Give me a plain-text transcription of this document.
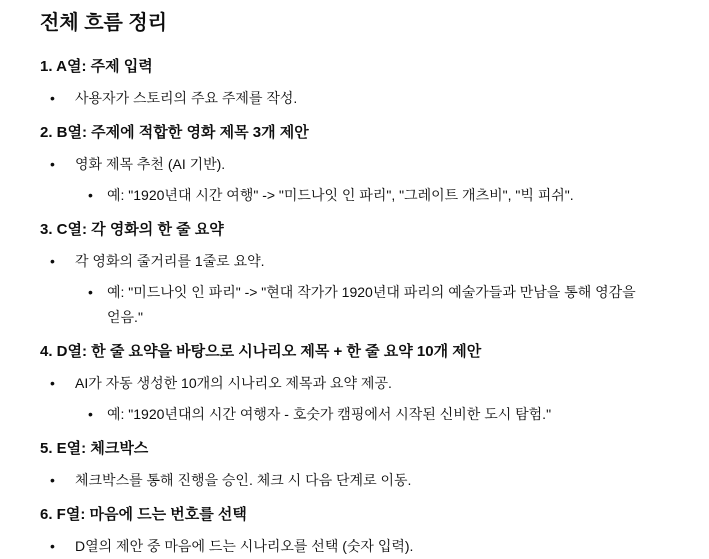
전체 흐름 정리
1. A열: 주제 입력
•
사용자가 스토리의 주요 주제를 작성.
2. B열: 주제에 적합한 영화 제목 3개 제안
•
영화 제목 추천 (AI 기반).
•
예: "1920년대 시간 여행" -> "미드나잇 인 파리", "그레이트 개츠비", "빅 피쉬".
3. C열: 각 영화의 한 줄 요약
•
각 영화의 줄거리를 1줄로 요약.
•
예: "미드나잇 인 파리" -> "현대 작가가 1920년대 파리의 예술가들과 만남을 통해 영감을 얻음."
4. D열: 한 줄 요약을 바탕으로 시나리오 제목 + 한 줄 요약 10개 제안
•
AI가 자동 생성한 10개의 시나리오 제목과 요약 제공.
•
예: "1920년대의 시간 여행자 - 호숫가 캠핑에서 시작된 신비한 도시 탐험."
5. E열: 체크박스
•
체크박스를 통해 진행을 승인. 체크 시 다음 단계로 이동.
6. F열: 마음에 드는 번호를 선택
•
D열의 제안 중 마음에 드는 시나리오를 선택 (숫자 입력).
